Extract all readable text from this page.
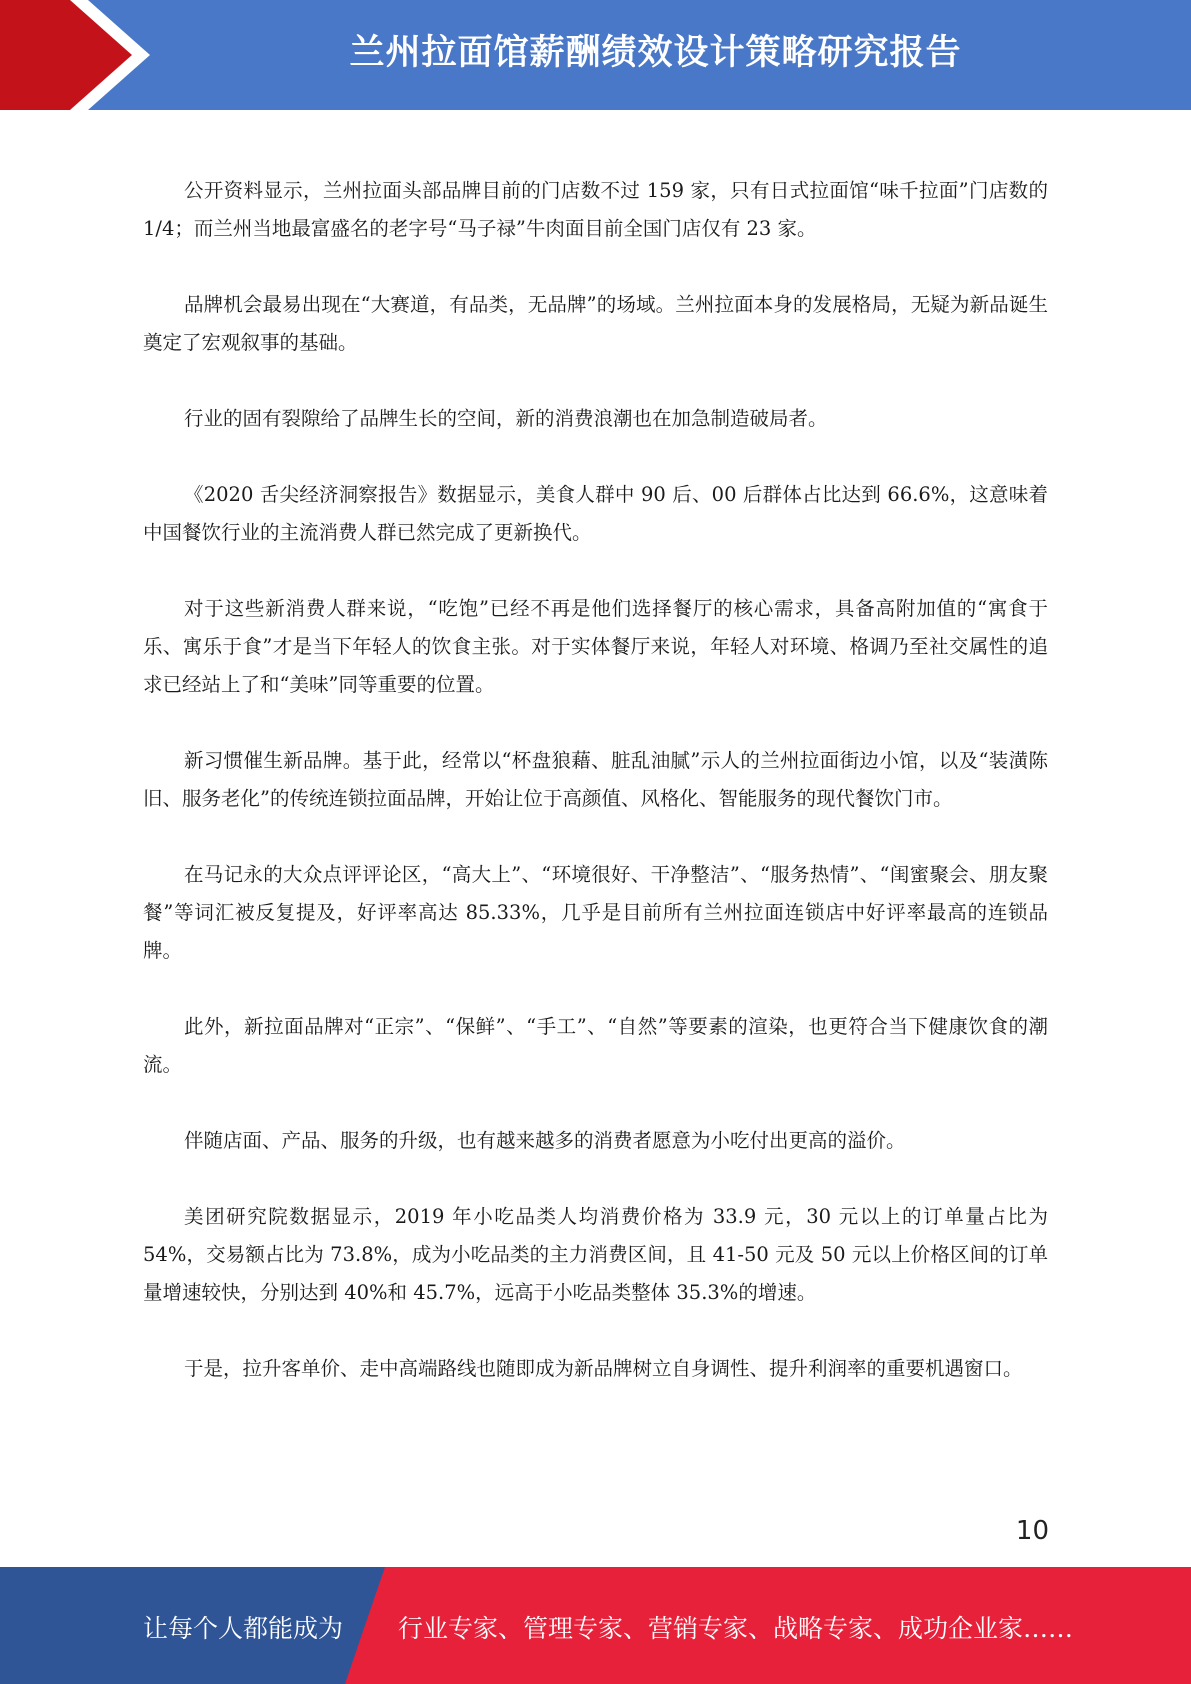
兰州拉面馆薪酬绩效设计策略研究报告

公开资料显示，兰州拉面头部品牌目前的门店数不过 159 家，只有日式拉面馆“味千拉面”门店数的 1/4；而兰州当地最富盛名的老字号“马子禄”牛肉面目前全国门店仅有 23 家。

品牌机会最易出现在“大赛道，有品类，无品牌”的场域。兰州拉面本身的发展格局，无疑为新品诞生奠定了宏观叙事的基础。

行业的固有裂隙给了品牌生长的空间，新的消费浪潮也在加急制造破局者。

《2020 舌尖经济洞察报告》数据显示，美食人群中 90 后、00 后群体占比达到 66.6%，这意味着中国餐饮行业的主流消费人群已然完成了更新换代。

对于这些新消费人群来说，“吃饱”已经不再是他们选择餐厅的核心需求，具备高附加值的“寓食于乐、寓乐于食”才是当下年轻人的饮食主张。对于实体餐厅来说，年轻人对环境、格调乃至社交属性的追求已经站上了和“美味”同等重要的位置。

新习惯催生新品牌。基于此，经常以“杯盘狼藉、脏乱油腻”示人的兰州拉面街边小馆，以及“装潢陈旧、服务老化”的传统连锁拉面品牌，开始让位于高颜值、风格化、智能服务的现代餐饮门市。

在马记永的大众点评评论区，“高大上”、“环境很好、干净整洁”、“服务热情”、“闺蜜聚会、朋友聚餐”等词汇被反复提及，好评率高达 85.33%，几乎是目前所有兰州拉面连锁店中好评率最高的连锁品牌。

此外，新拉面品牌对“正宗”、“保鲜”、“手工”、“自然”等要素的渲染，也更符合当下健康饮食的潮流。

伴随店面、产品、服务的升级，也有越来越多的消费者愿意为小吃付出更高的溢价。

美团研究院数据显示，2019 年小吃品类人均消费价格为 33.9 元，30 元以上的订单量占比为 54%，交易额占比为 73.8%，成为小吃品类的主力消费区间，且 41-50 元及 50 元以上价格区间的订单量增速较快，分别达到 40%和 45.7%，远高于小吃品类整体 35.3%的增速。

于是，拉升客单价、走中高端路线也随即成为新品牌树立自身调性、提升利润率的重要机遇窗口。

10
让每个人都能成为 行业专家、管理专家、营销专家、战略专家、成功企业家……
